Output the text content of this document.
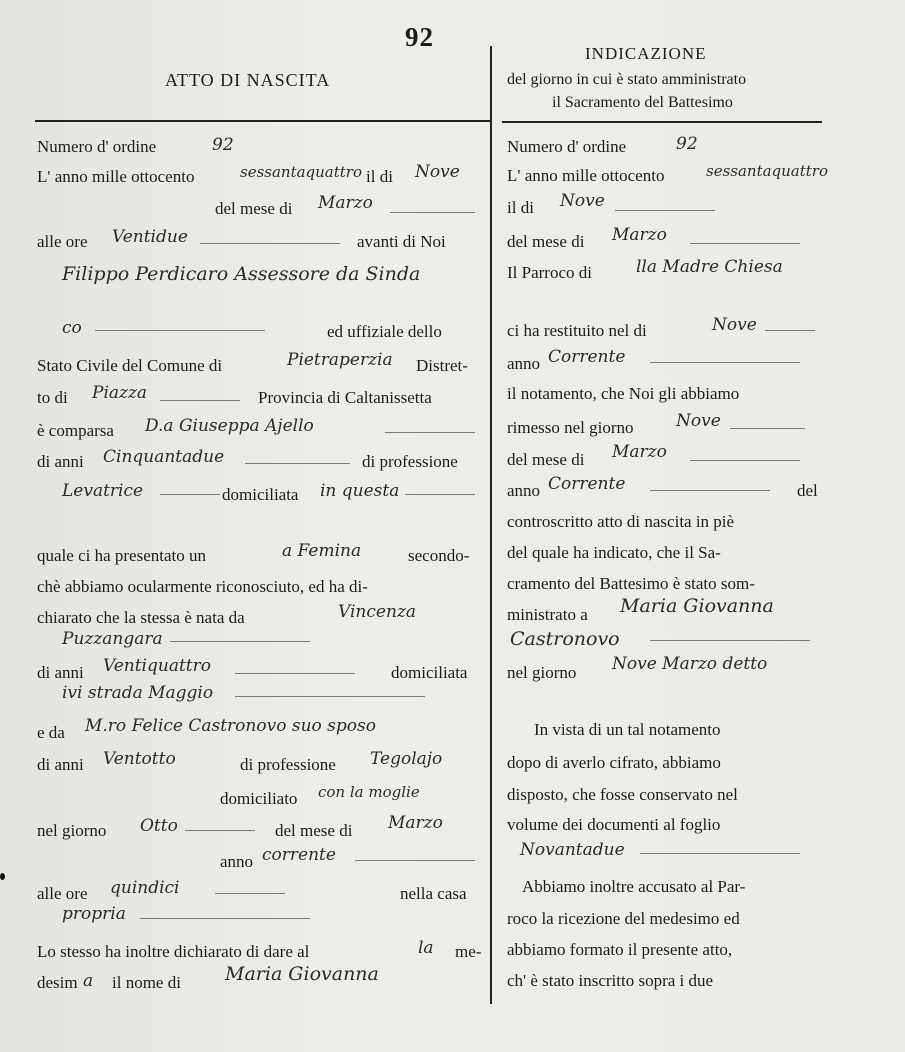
92
ATTO DI NASCITA
Numero d' ordine	92
L' anno mille ottocento	sessantaquattro il di Nove
del mese di Marzo
alle ore Ventidue	avanti di Noi
Filippo Perdicaro Assessore da Sinda
co	ed uffiziale dello
Stato Civile del Comune di	Pietraperzia Distret-
to di Piazza	Provincia di Caltanissetta
è comparsa D.a Giuseppa Ajello
di anni Cinquantadue	di professione
Levatrice	domiciliata in questa
quale ci ha presentato un	a Femina	secondo-
chè abbiamo ocularmente riconosciuto, ed ha di-
chiarato che la stessa è nata da	Vincenza
Puzzangara
di anni Ventiquattro	domiciliata
ivi strada Maggio
e da M.ro Felice Castronovo suo sposo
di anni Ventotto	di professione Tegolajo
domiciliato con la moglie
nel giorno Otto	del mese di Marzo
anno corrente
alle ore quindici	nella casa
propria
Lo stesso ha inoltre dichiarato di dare al	la me-
desim a il nome di Maria Giovanna
INDICAZIONE
del giorno in cui è stato amministrato
il Sacramento del Battesimo
Numero d' ordine	92
L' anno mille ottocento	sessantaquattro
il di Nove
del mese di Marzo
Il Parroco di	lla Madre Chiesa
ci ha restituito nel di	Nove
anno Corrente
il notamento, che Noi gli abbiamo
rimesso nel giorno Nove
del mese di Marzo
anno Corrente	del
controscritto atto di nascita in piè
del quale ha indicato, che il Sa-
cramento del Battesimo è stato som-
ministrato a Maria Giovanna
Castronovo
nel giorno Nove Marzo detto
In vista di un tal notamento
dopo di averlo cifrato, abbiamo
disposto, che fosse conservato nel
volume dei documenti al foglio
Novantadue
Abbiamo inoltre accusato al Par-
roco la ricezione del medesimo ed
abbiamo formato il presente atto,
ch' è stato inscritto sopra i due
